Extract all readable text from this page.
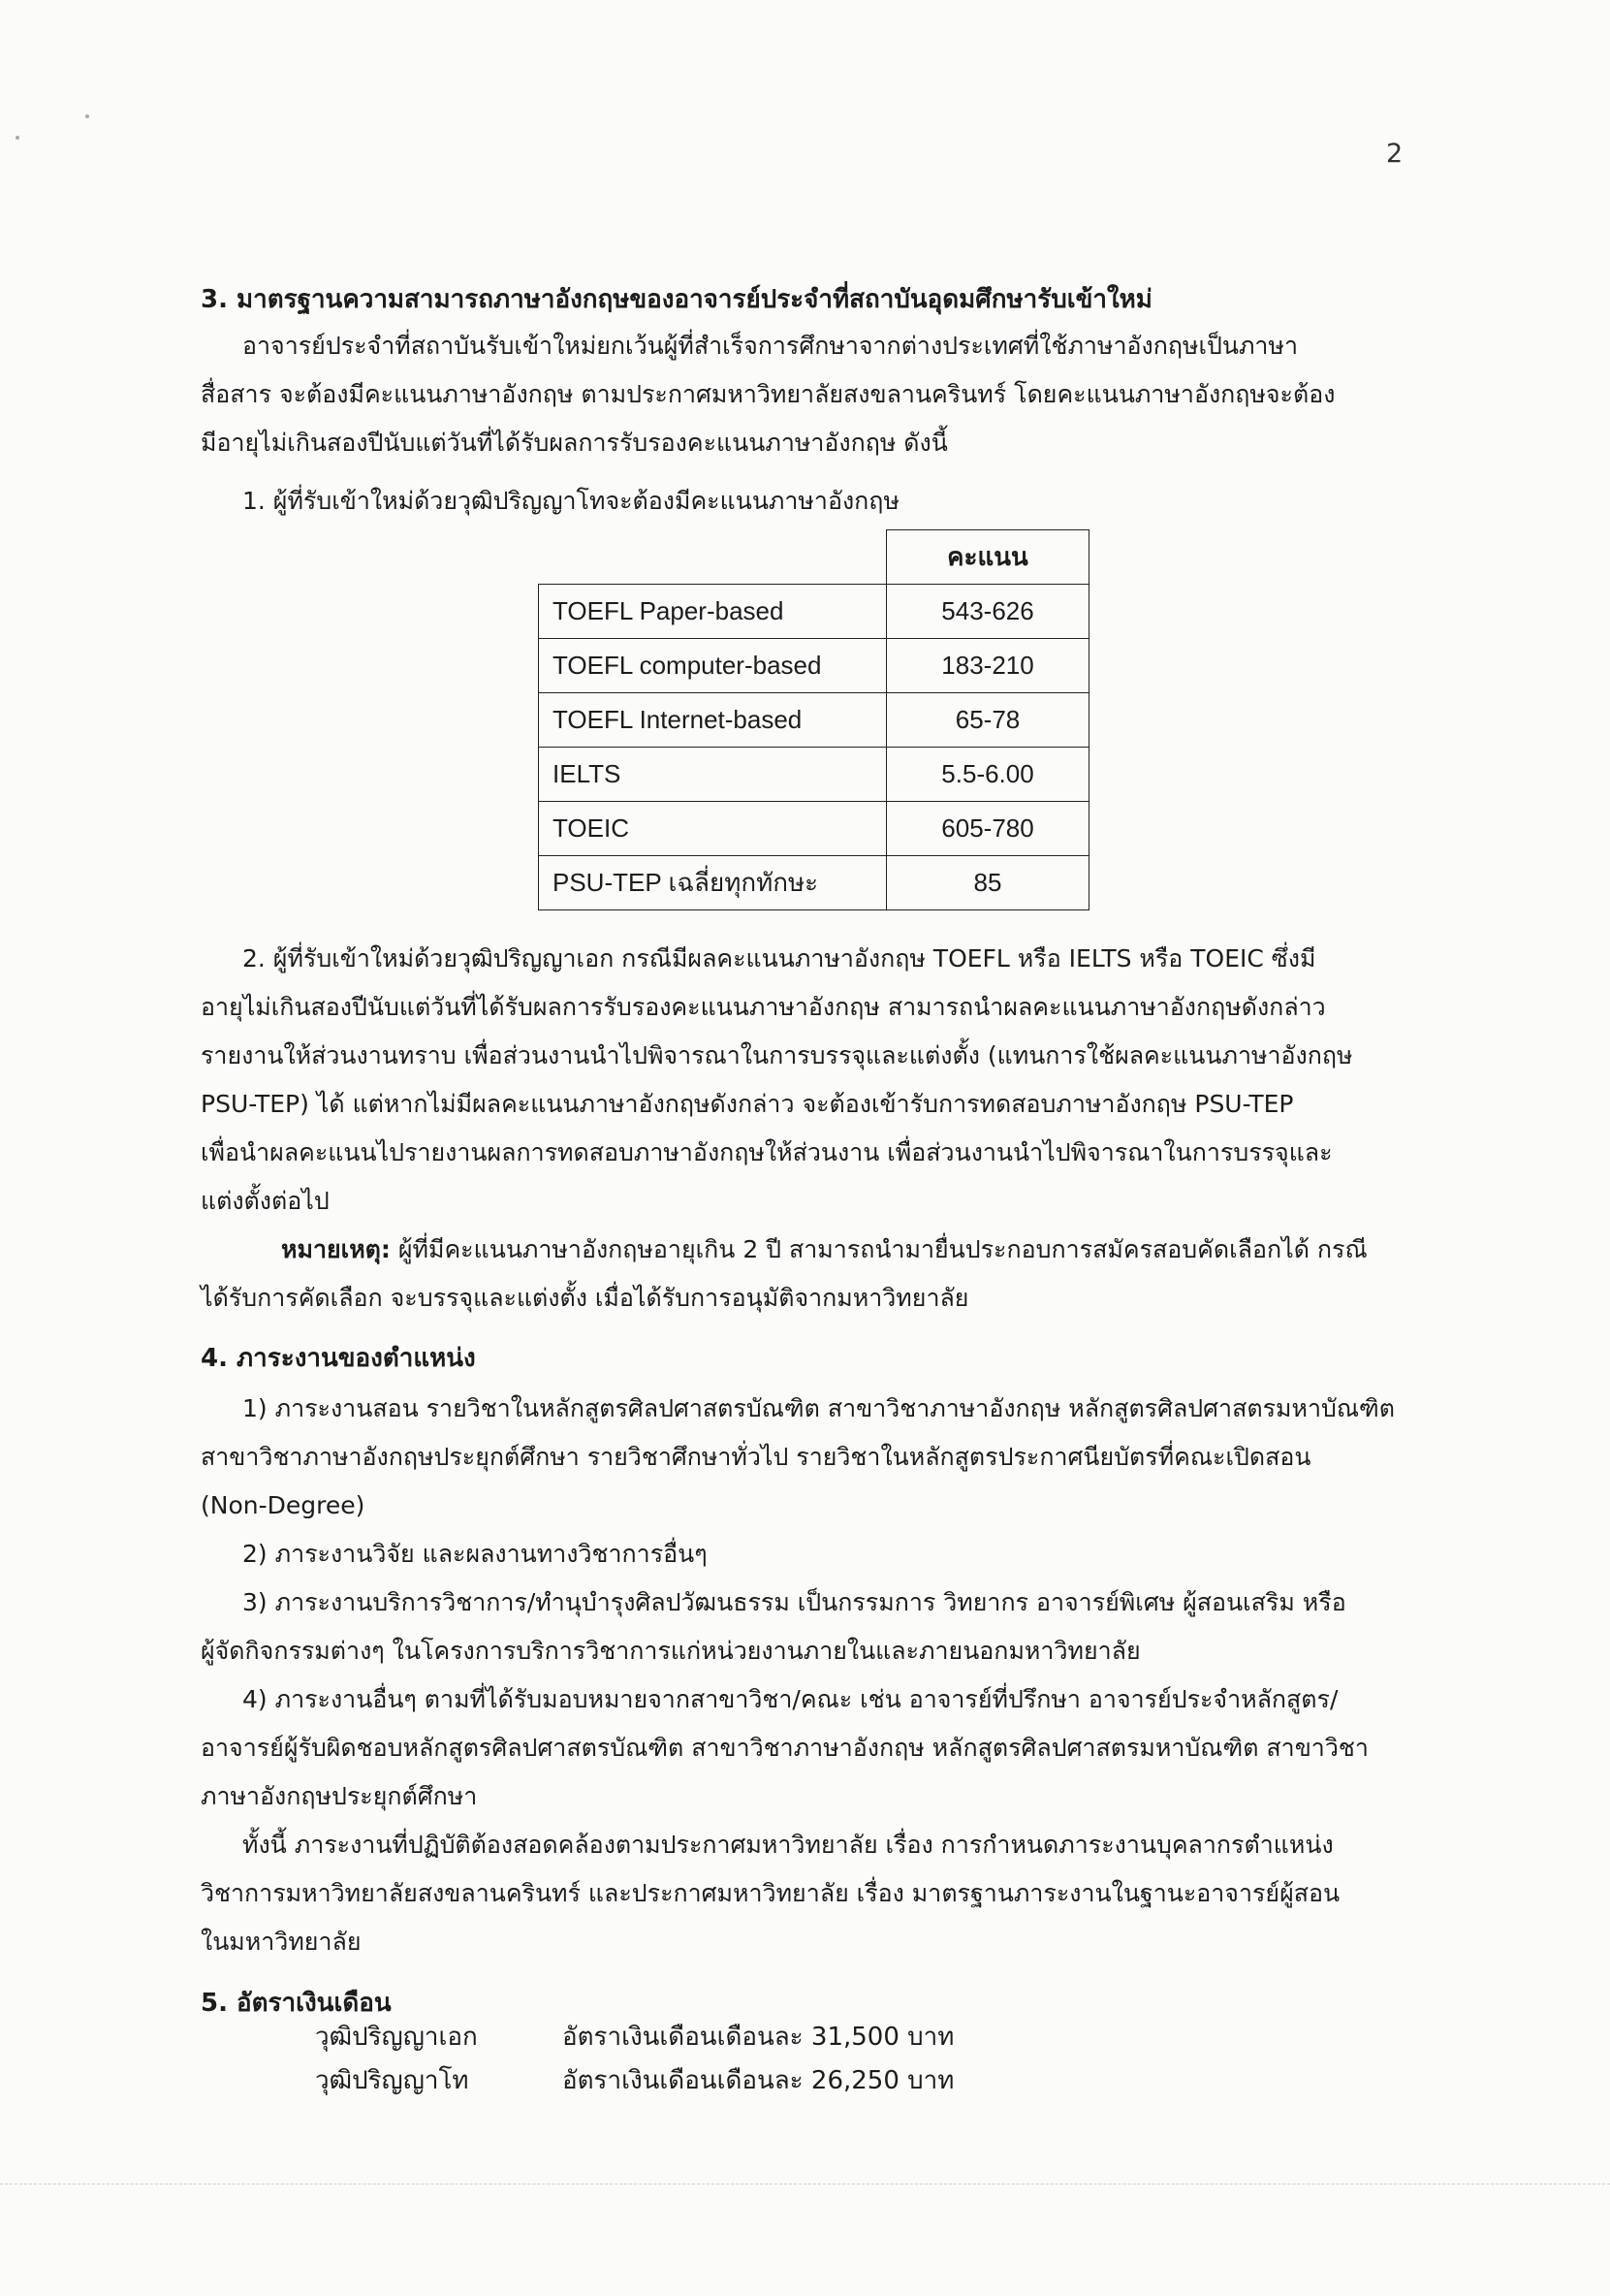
2
3. มาตรฐานความสามารถภาษาอังกฤษของอาจารย์ประจำที่สถาบันอุดมศึกษารับเข้าใหม่
อาจารย์ประจำที่สถาบันรับเข้าใหม่ยกเว้นผู้ที่สำเร็จการศึกษาจากต่างประเทศที่ใช้ภาษาอังกฤษเป็นภาษา
สื่อสาร จะต้องมีคะแนนภาษาอังกฤษ ตามประกาศมหาวิทยาลัยสงขลานครินทร์ โดยคะแนนภาษาอังกฤษจะต้อง
มีอายุไม่เกินสองปีนับแต่วันที่ได้รับผลการรับรองคะแนนภาษาอังกฤษ ดังนี้
1. ผู้ที่รับเข้าใหม่ด้วยวุฒิปริญญาโทจะต้องมีคะแนนภาษาอังกฤษ
	คะแนน
TOEFL Paper-based	543-626
TOEFL computer-based	183-210
TOEFL Internet-based	65-78
IELTS	5.5-6.00
TOEIC	605-780
PSU-TEP เฉลี่ยทุกทักษะ	85
2. ผู้ที่รับเข้าใหม่ด้วยวุฒิปริญญาเอก กรณีมีผลคะแนนภาษาอังกฤษ TOEFL หรือ IELTS หรือ TOEIC ซึ่งมี
อายุไม่เกินสองปีนับแต่วันที่ได้รับผลการรับรองคะแนนภาษาอังกฤษ สามารถนำผลคะแนนภาษาอังกฤษดังกล่าว
รายงานให้ส่วนงานทราบ เพื่อส่วนงานนำไปพิจารณาในการบรรจุและแต่งตั้ง (แทนการใช้ผลคะแนนภาษาอังกฤษ
PSU-TEP) ได้ แต่หากไม่มีผลคะแนนภาษาอังกฤษดังกล่าว จะต้องเข้ารับการทดสอบภาษาอังกฤษ PSU-TEP
เพื่อนำผลคะแนนไปรายงานผลการทดสอบภาษาอังกฤษให้ส่วนงาน เพื่อส่วนงานนำไปพิจารณาในการบรรจุและ
แต่งตั้งต่อไป
หมายเหตุ: ผู้ที่มีคะแนนภาษาอังกฤษอายุเกิน 2 ปี สามารถนำมายื่นประกอบการสมัครสอบคัดเลือกได้ กรณี
ได้รับการคัดเลือก จะบรรจุและแต่งตั้ง เมื่อได้รับการอนุมัติจากมหาวิทยาลัย
4. ภาระงานของตำแหน่ง
1) ภาระงานสอน รายวิชาในหลักสูตรศิลปศาสตรบัณฑิต สาขาวิชาภาษาอังกฤษ หลักสูตรศิลปศาสตรมหาบัณฑิต
สาขาวิชาภาษาอังกฤษประยุกต์ศึกษา รายวิชาศึกษาทั่วไป รายวิชาในหลักสูตรประกาศนียบัตรที่คณะเปิดสอน
(Non-Degree)
2) ภาระงานวิจัย และผลงานทางวิชาการอื่นๆ
3) ภาระงานบริการวิชาการ/ทำนุบำรุงศิลปวัฒนธรรม เป็นกรรมการ วิทยากร อาจารย์พิเศษ ผู้สอนเสริม หรือ
ผู้จัดกิจกรรมต่างๆ ในโครงการบริการวิชาการแก่หน่วยงานภายในและภายนอกมหาวิทยาลัย
4) ภาระงานอื่นๆ ตามที่ได้รับมอบหมายจากสาขาวิชา/คณะ เช่น อาจารย์ที่ปรึกษา อาจารย์ประจำหลักสูตร/
อาจารย์ผู้รับผิดชอบหลักสูตรศิลปศาสตรบัณฑิต สาขาวิชาภาษาอังกฤษ หลักสูตรศิลปศาสตรมหาบัณฑิต สาขาวิชา
ภาษาอังกฤษประยุกต์ศึกษา
ทั้งนี้ ภาระงานที่ปฏิบัติต้องสอดคล้องตามประกาศมหาวิทยาลัย เรื่อง การกำหนดภาระงานบุคลากรตำแหน่ง
วิชาการมหาวิทยาลัยสงขลานครินทร์ และประกาศมหาวิทยาลัย เรื่อง มาตรฐานภาระงานในฐานะอาจารย์ผู้สอน
ในมหาวิทยาลัย
5. อัตราเงินเดือน
วุฒิปริญญาเอก	อัตราเงินเดือนเดือนละ 31,500 บาท
วุฒิปริญญาโท	อัตราเงินเดือนเดือนละ 26,250 บาท
